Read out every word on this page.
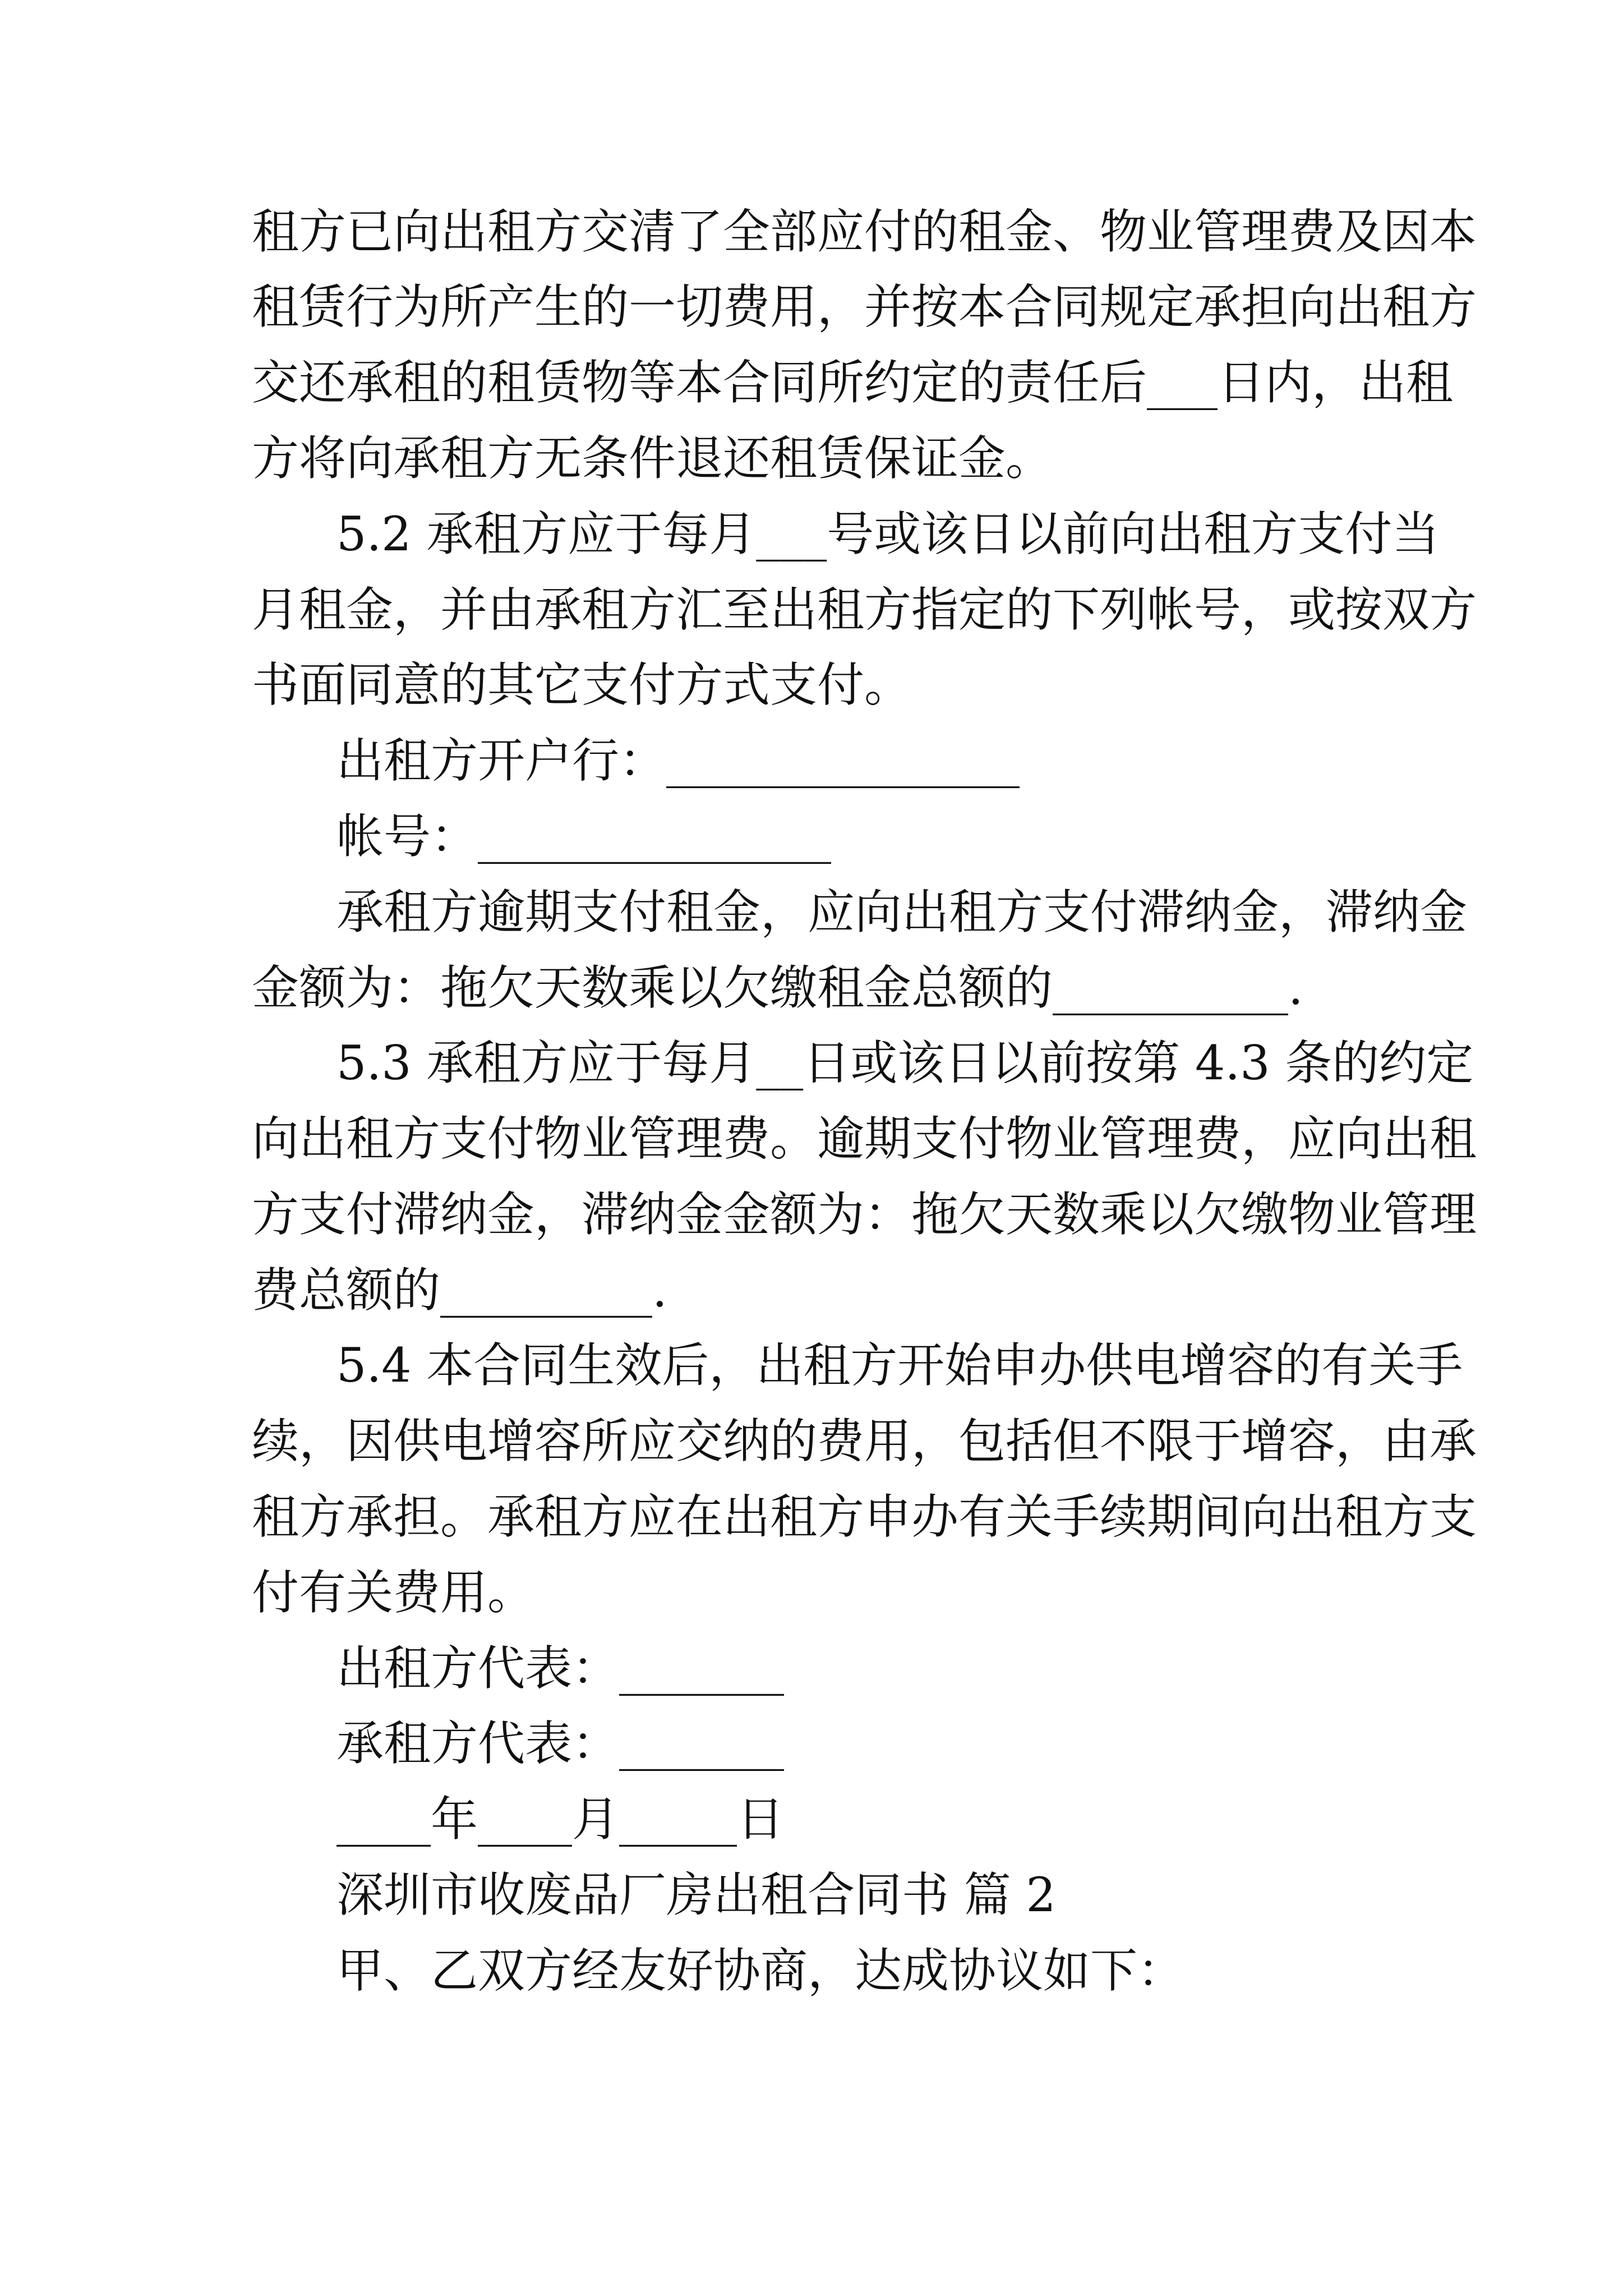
租方已向出租方交清了全部应付的租金、物业管理费及因本
租赁行为所产生的一切费用，并按本合同规定承担向出租方
交还承租的租赁物等本合同所约定的责任后___日内，出租
方将向承租方无条件退还租赁保证金。
5.2 承租方应于每月___号或该日以前向出租方支付当
月租金，并由承租方汇至出租方指定的下列帐号，或按双方
书面同意的其它支付方式支付。
出租方开户行：_______________
帐号：_______________
承租方逾期支付租金，应向出租方支付滞纳金，滞纳金
金额为：拖欠天数乘以欠缴租金总额的__________.
5.3 承租方应于每月__日或该日以前按第 4.3 条的约定
向出租方支付物业管理费。逾期支付物业管理费，应向出租
方支付滞纳金，滞纳金金额为：拖欠天数乘以欠缴物业管理
费总额的_________.
5.4 本合同生效后，出租方开始申办供电增容的有关手
续，因供电增容所应交纳的费用，包括但不限于增容，由承
租方承担。承租方应在出租方申办有关手续期间向出租方支
付有关费用。
出租方代表：_______
承租方代表：_______
____年____月_____日
深圳市收废品厂房出租合同书 篇 2
甲、乙双方经友好协商，达成协议如下：
